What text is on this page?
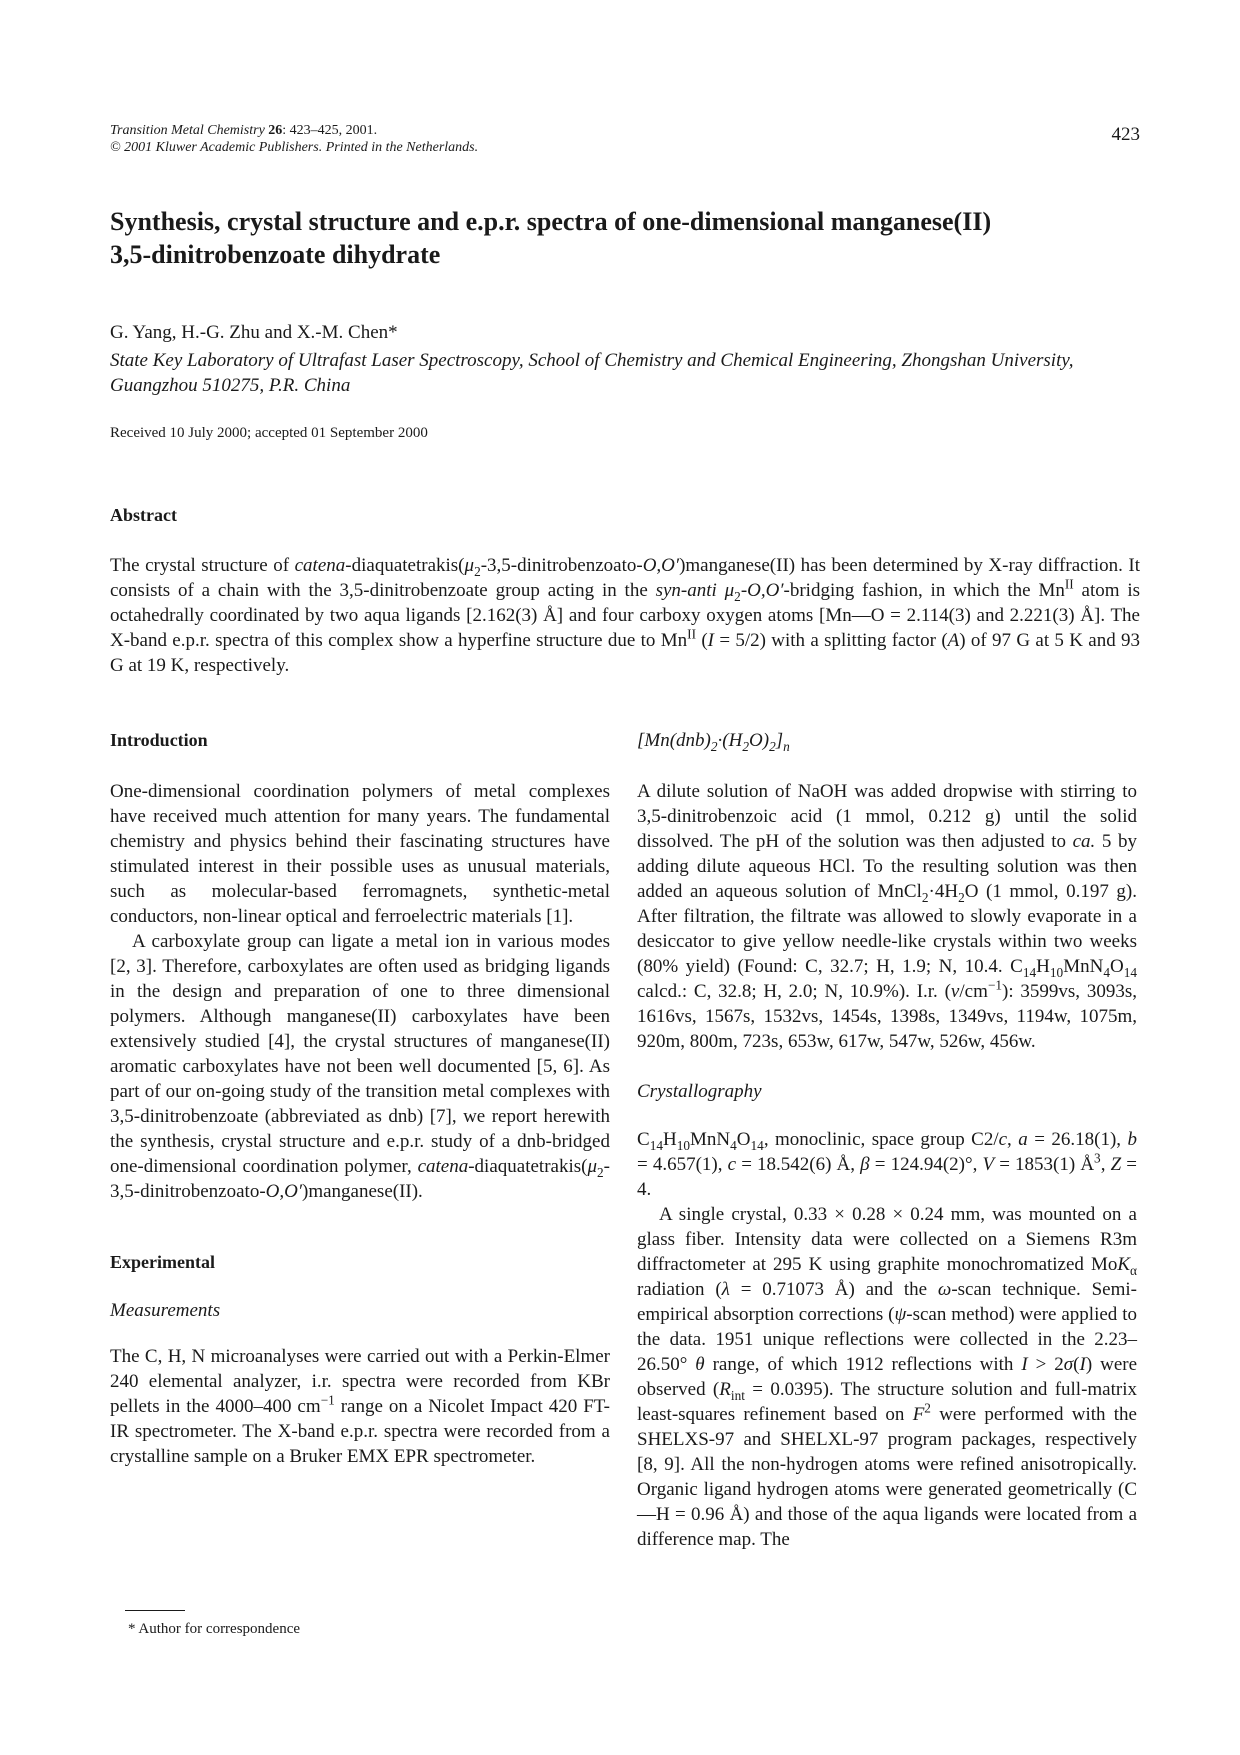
Transition Metal Chemistry 26: 423–425, 2001.
© 2001 Kluwer Academic Publishers. Printed in the Netherlands.
423
Synthesis, crystal structure and e.p.r. spectra of one-dimensional manganese(II)
3,5-dinitrobenzoate dihydrate
G. Yang, H.-G. Zhu and X.-M. Chen*
State Key Laboratory of Ultrafast Laser Spectroscopy, School of Chemistry and Chemical Engineering, Zhongshan University, Guangzhou 510275, P.R. China
Received 10 July 2000; accepted 01 September 2000
Abstract
The crystal structure of catena-$diaquatetrakis(\mu_2-3,5-dinitrobenzoato-O,O')manganese(II)$ has been determined by X-ray diffraction. It consists of a chain with the 3,5-dinitrobenzoate group acting in the syn-anti $\mu_2-O,O'$-bridging fashion, in which the $Mn^{II}$ atom is octahedrally coordinated by two aqua ligands [2.162(3) Å] and four carboxy oxygen atoms [Mn—O = 2.114(3) and 2.221(3) Å]. The X-band e.p.r. spectra of this complex show a hyperfine structure due to $Mn^{II}$ (I = 5/2) with a splitting factor (A) of 97 G at 5 K and 93 G at 19 K, respectively.
Introduction

One-dimensional coordination polymers of metal complexes have received much attention for many years. The fundamental chemistry and physics behind their fascinating structures have stimulated interest in their possible uses as unusual materials, such as molecular-based ferromagnets, synthetic-metal conductors, non-linear optical and ferroelectric materials [1].

A carboxylate group can ligate a metal ion in various modes [2, 3]. Therefore, carboxylates are often used as bridging ligands in the design and preparation of one to three dimensional polymers. Although manganese(II) carboxylates have been extensively studied [4], the crystal structures of manganese(II) aromatic carboxylates have not been well documented [5, 6]. As part of our on-going study of the transition metal complexes with 3,5-dinitrobenzoate (abbreviated as dnb) [7], we report herewith the synthesis, crystal structure and e.p.r. study of a dnb-bridged one-dimensional coordination polymer, catena-$diaquatetrakis(\mu_2-3,5-dinitrobenzoato-O,O')manganese(II)$.

Experimental
Measurements

The C, H, N microanalyses were carried out with a Perkin-Elmer 240 elemental analyzer, i.r. spectra were recorded from KBr pellets in the 4000–400 $cm^{-1}$ range on a Nicolet Impact 420 FT-IR spectrometer. The X-band e.p.r. spectra were recorded from a crystalline sample on a Bruker EMX EPR spectrometer.

* Author for correspondence
$[Mn(dnb)_2\cdot(H_2O)_2]_n$

A dilute solution of NaOH was added dropwise with stirring to 3,5-dinitrobenzoic acid (1 mmol, 0.212 g) until the solid dissolved. The pH of the solution was then adjusted to ca. 5 by adding dilute aqueous HCl. To the resulting solution was then added an aqueous solution of $MnCl_2\cdot 4H_2O$ (1 mmol, 0.197 g). After filtration, the filtrate was allowed to slowly evaporate in a desiccator to give yellow needle-like crystals within two weeks (80% yield) (Found: C, 32.7; H, 1.9; N, 10.4. $C_{14}H_{10}MnN_4O_{14}$ calcd.: C, 32.8; H, 2.0; N, 10.9%). I.r. $(\nu/cm^{-1})$: 3599vs, 3093s, 1616vs, 1567s, 1532vs, 1454s, 1398s, 1349vs, 1194w, 1075m, 920m, 800m, 723s, 653w, 617w, 547w, 526w, 456w.

Crystallography

$C_{14}H_{10}MnN_4O_{14}$, monoclinic, space group C2/c, a = 26.18(1), b = 4.657(1), c = 18.542(6) Å, β = 124.94(2)°, V = 1853(1) $Å^3$, Z = 4.

A single crystal, 0.33 × 0.28 × 0.24 mm, was mounted on a glass fiber. Intensity data were collected on a Siemens R3m diffractometer at 295 K using graphite monochromatized MoK$_\alpha$ radiation (λ = 0.71073 Å) and the ω-scan technique. Semi-empirical absorption corrections (ψ-scan method) were applied to the data. 1951 unique reflections were collected in the 2.23–26.50° θ range, of which 1912 reflections with I > 2σ(I) were observed $(R_{int} = 0.0395)$. The structure solution and full-matrix least-squares refinement based on $F^2$ were performed with the SHELXS-97 and SHELXL-97 program packages, respectively [8, 9]. All the non-hydrogen atoms were refined anisotropically. Organic ligand hydrogen atoms were generated geometrically (C—H = 0.96 Å) and those of the aqua ligands were located from a difference map. The
